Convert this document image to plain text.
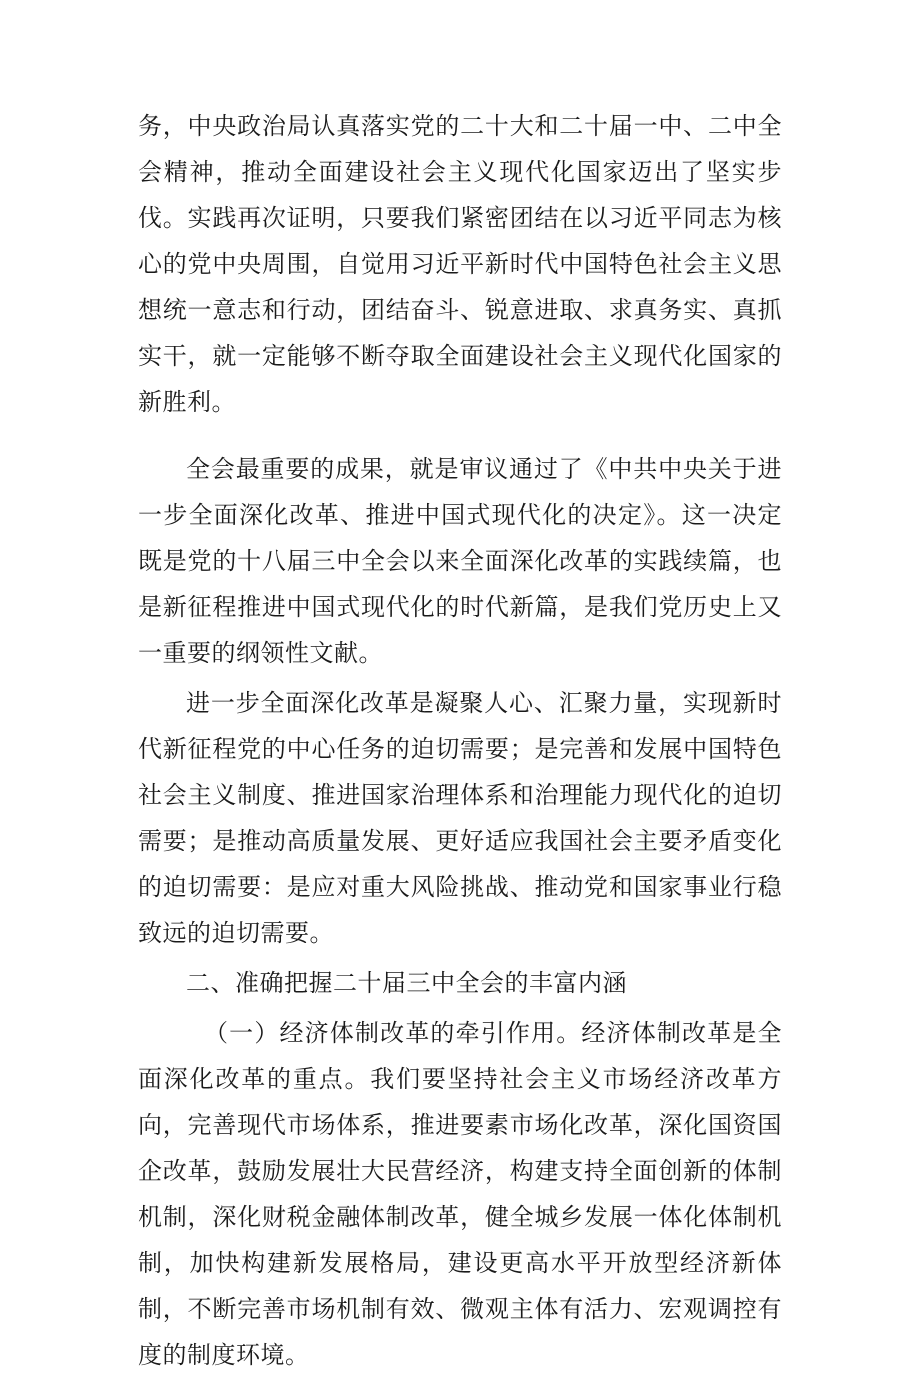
务，中央政治局认真落实党的二十大和二十届一中、二中全会精神，推动全面建设社会主义现代化国家迈出了坚实步伐。实践再次证明，只要我们紧密团结在以习近平同志为核心的党中央周围，自觉用习近平新时代中国特色社会主义思想统一意志和行动，团结奋斗、锐意进取、求真务实、真抓实干，就一定能够不断夺取全面建设社会主义现代化国家的新胜利。

全会最重要的成果，就是审议通过了《中共中央关于进一步全面深化改革、推进中国式现代化的决定》。这一决定既是党的十八届三中全会以来全面深化改革的实践续篇，也是新征程推进中国式现代化的时代新篇，是我们党历史上又一重要的纲领性文献。

进一步全面深化改革是凝聚人心、汇聚力量，实现新时代新征程党的中心任务的迫切需要；是完善和发展中国特色社会主义制度、推进国家治理体系和治理能力现代化的迫切需要；是推动高质量发展、更好适应我国社会主要矛盾变化的迫切需要：是应对重大风险挑战、推动党和国家事业行稳致远的迫切需要。

二、准确把握二十届三中全会的丰富内涵

（一）经济体制改革的牵引作用。经济体制改革是全面深化改革的重点。我们要坚持社会主义市场经济改革方向，完善现代市场体系，推进要素市场化改革，深化国资国企改革，鼓励发展壮大民营经济，构建支持全面创新的体制机制，深化财税金融体制改革，健全城乡发展一体化体制机制，加快构建新发展格局，建设更高水平开放型经济新体制，不断完善市场机制有效、微观主体有活力、宏观调控有度的制度环境。
